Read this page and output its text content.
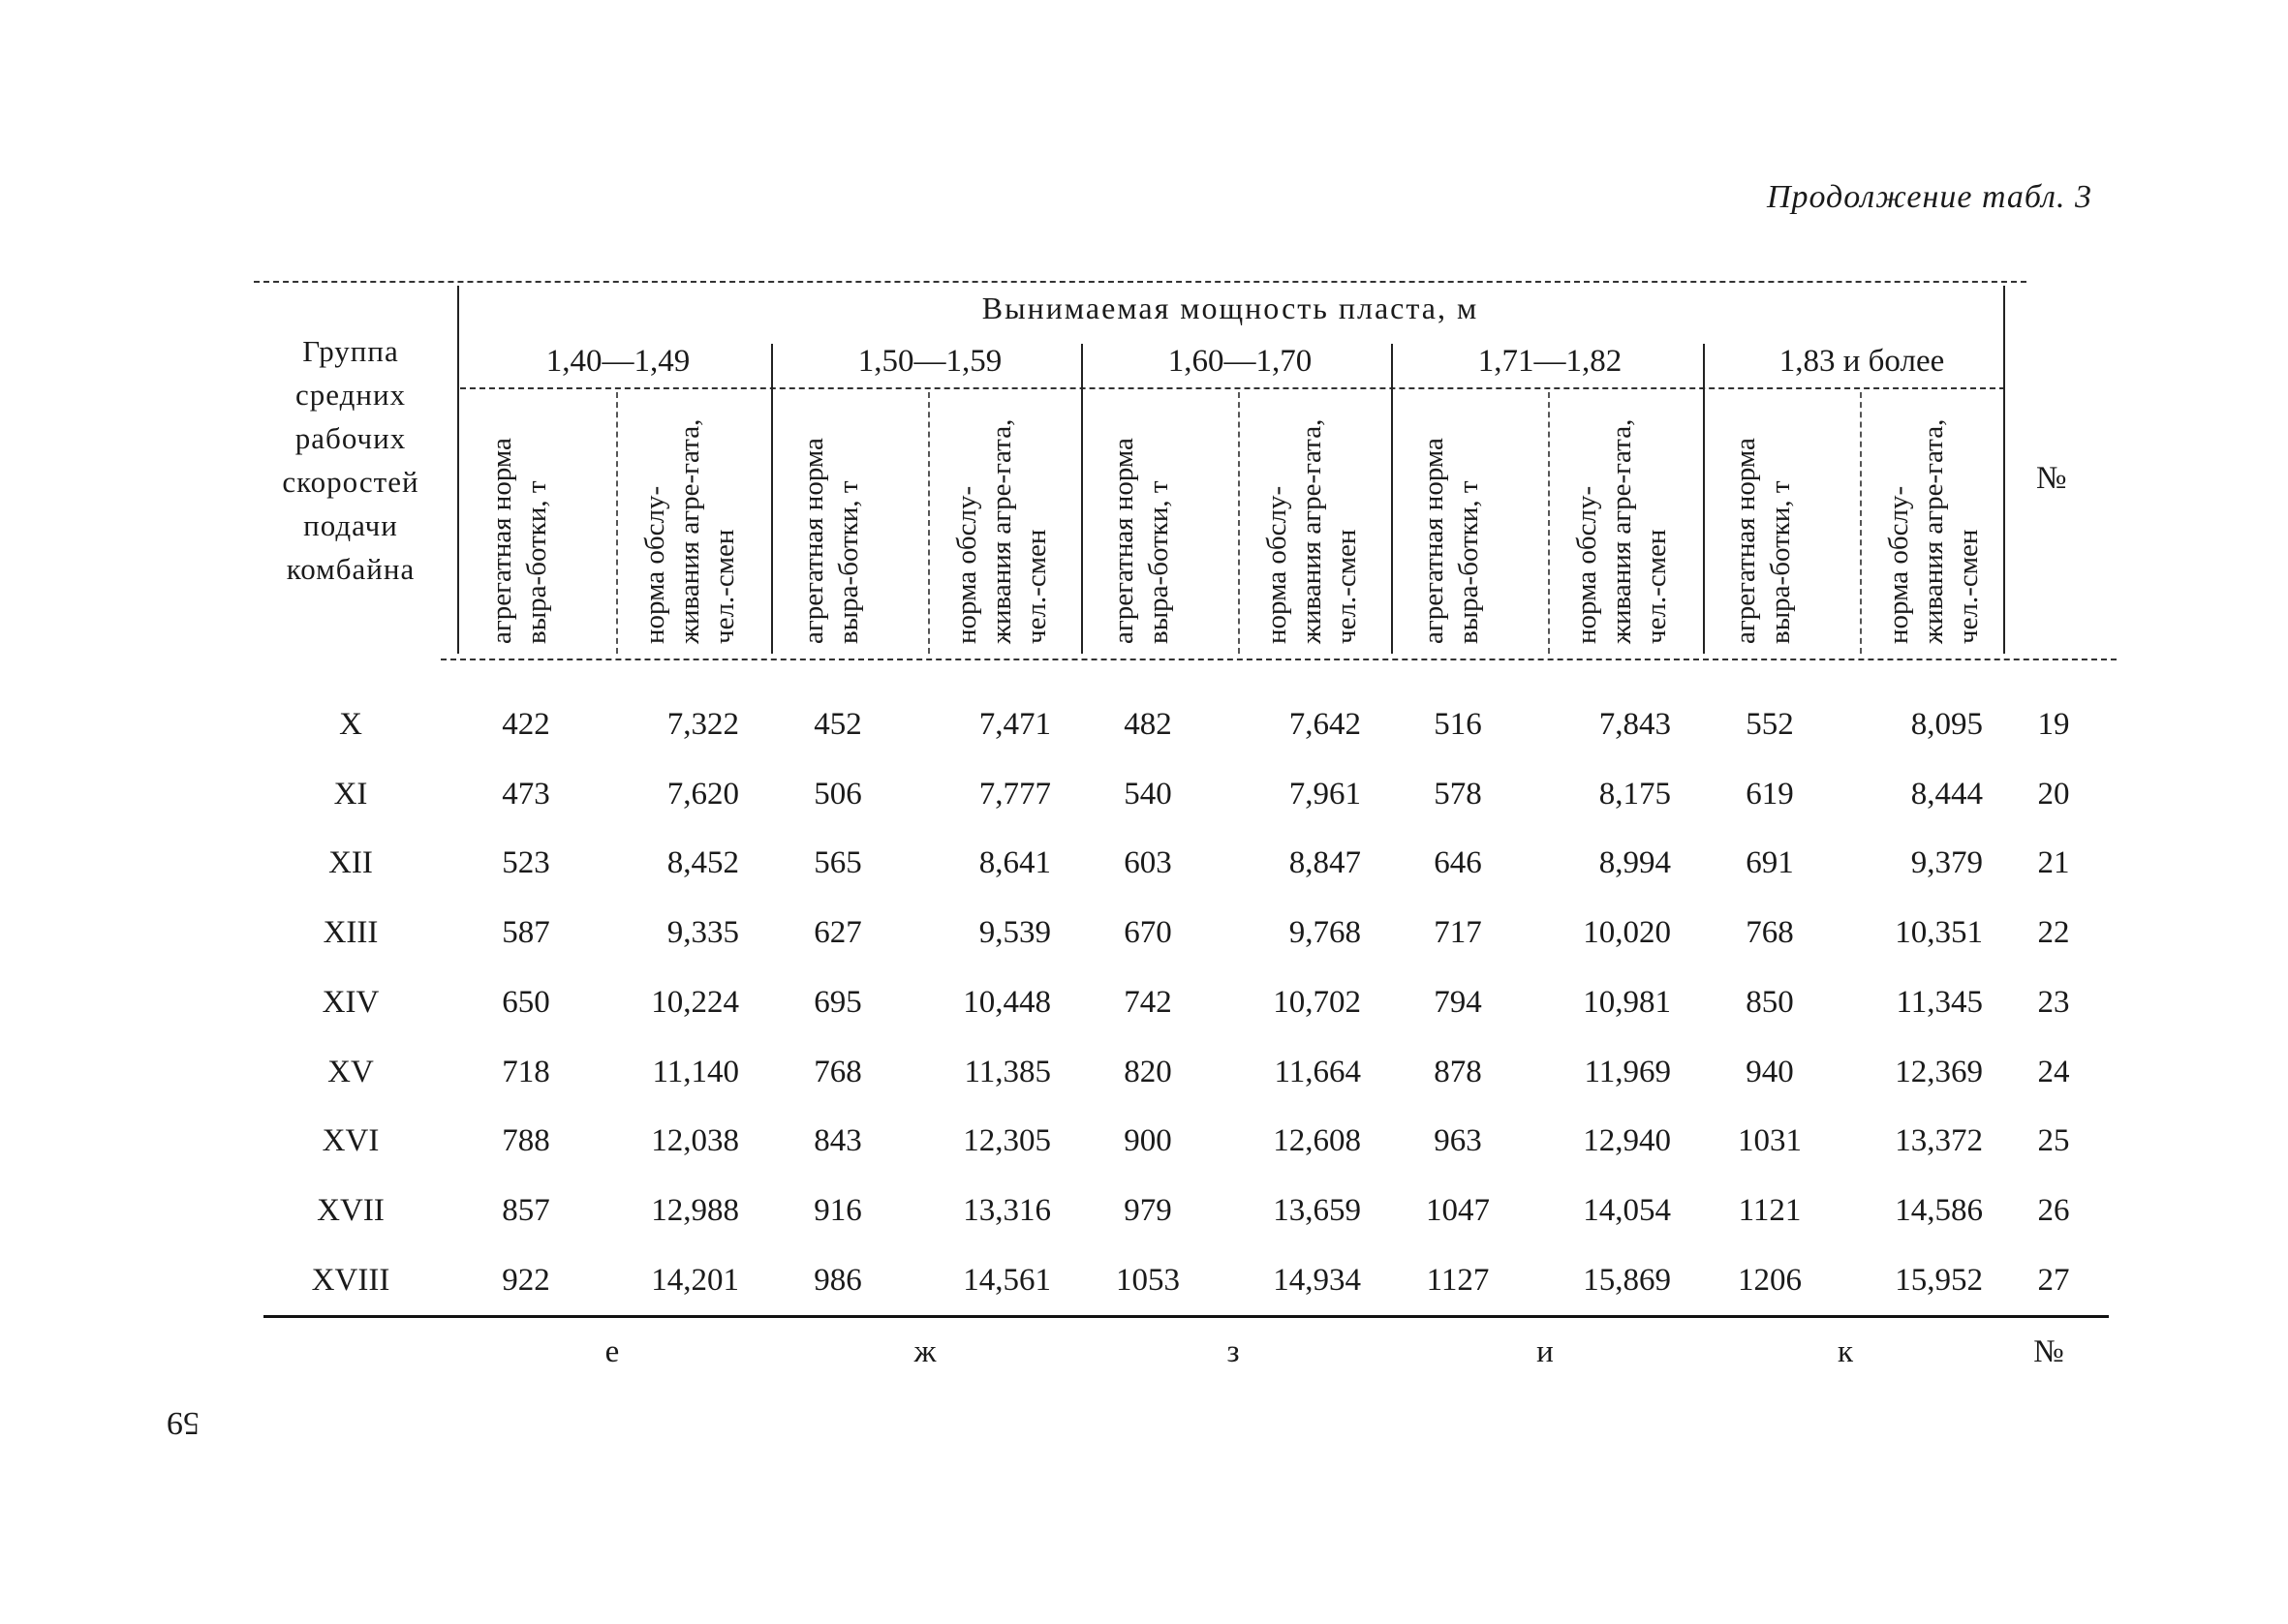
Продолжение табл. 3
59
Группа средних рабочих скоростей подачи комбайна
Вынимаемая мощность пласта, м
№
1,40—1,49
агрегатная норма выра-ботки, т	норма обслу-живания агре-гата, чел.-смен
1,50—1,59
агрегатная норма выра-ботки, т	норма обслу-живания агре-гата, чел.-смен
1,60—1,70
агрегатная норма выра-ботки, т	норма обслу-живания агре-гата, чел.-смен
1,71—1,82
агрегатная норма выра-ботки, т	норма обслу-живания агре-гата, чел.-смен
1,83 и более
агрегатная норма выра-ботки, т	норма обслу-живания агре-гата, чел.-смен
X	422	7,322	452	7,471	482	7,642	516	7,843	552	8,095	19
XI	473	7,620	506	7,777	540	7,961	578	8,175	619	8,444	20
XII	523	8,452	565	8,641	603	8,847	646	8,994	691	9,379	21
XIII	587	9,335	627	9,539	670	9,768	717	10,020	768	10,351	22
XIV	650	10,224	695	10,448	742	10,702	794	10,981	850	11,345	23
XV	718	11,140	768	11,385	820	11,664	878	11,969	940	12,369	24
XVI	788	12,038	843	12,305	900	12,608	963	12,940	1031	13,372	25
XVII	857	12,988	916	13,316	979	13,659	1047	14,054	1121	14,586	26
XVIII	922	14,201	986	14,561	1053	14,934	1127	15,869	1206	15,952	27
е	ж	з	и	к	№
